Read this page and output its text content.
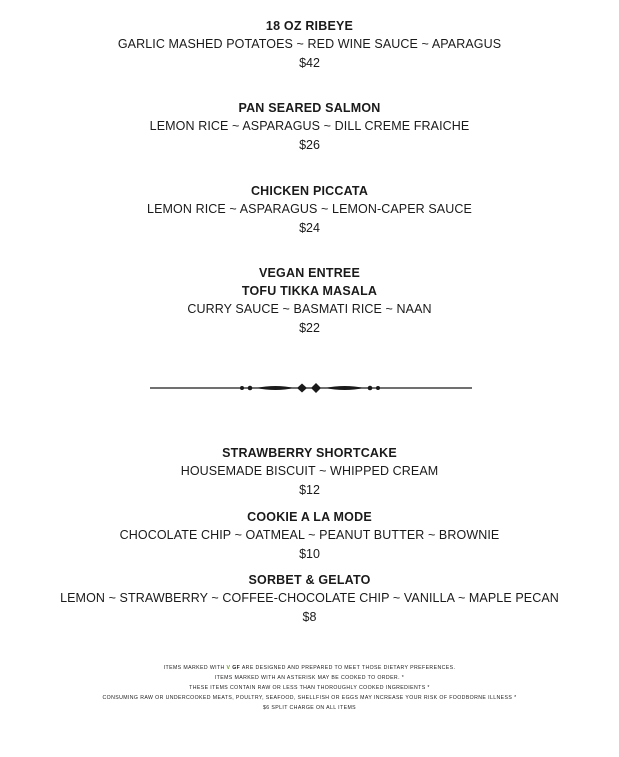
18 OZ RIBEYE
GARLIC MASHED POTATOES ~ RED WINE SAUCE ~ APARAGUS
$42
PAN SEARED SALMON
LEMON RICE ~ ASPARAGUS ~ DILL CREME FRAICHE
$26
CHICKEN PICCATA
LEMON RICE ~ ASPARAGUS ~ LEMON-CAPER SAUCE
$24
VEGAN ENTREE
TOFU TIKKA MASALA
CURRY SAUCE ~ BASMATI RICE ~ NAAN
$22
STRAWBERRY SHORTCAKE
HOUSEMADE BISCUIT ~ WHIPPED CREAM
$12
COOKIE A LA MODE
CHOCOLATE CHIP ~ OATMEAL ~ PEANUT BUTTER ~ BROWNIE
$10
SORBET & GELATO
LEMON ~ STRAWBERRY ~ COFFEE-CHOCOLATE CHIP ~ VANILLA ~ MAPLE PECAN
$8
ITEMS MARKED WITH V GF ARE DESIGNED AND PREPARED TO MEET THOSE DIETARY PREFERENCES.
ITEMS MARKED WITH AN ASTERISK MAY BE COOKED TO ORDER. *
THESE ITEMS CONTAIN RAW OR LESS THAN THOROUGHLY COOKED INGREDIENTS *
CONSUMING RAW OR UNDERCOOKED MEATS, POULTRY, SEAFOOD, SHELLFISH OR EGGS MAY INCREASE YOUR RISK OF FOODBORNE ILLNESS *
$6 SPLIT CHARGE ON ALL ITEMS
